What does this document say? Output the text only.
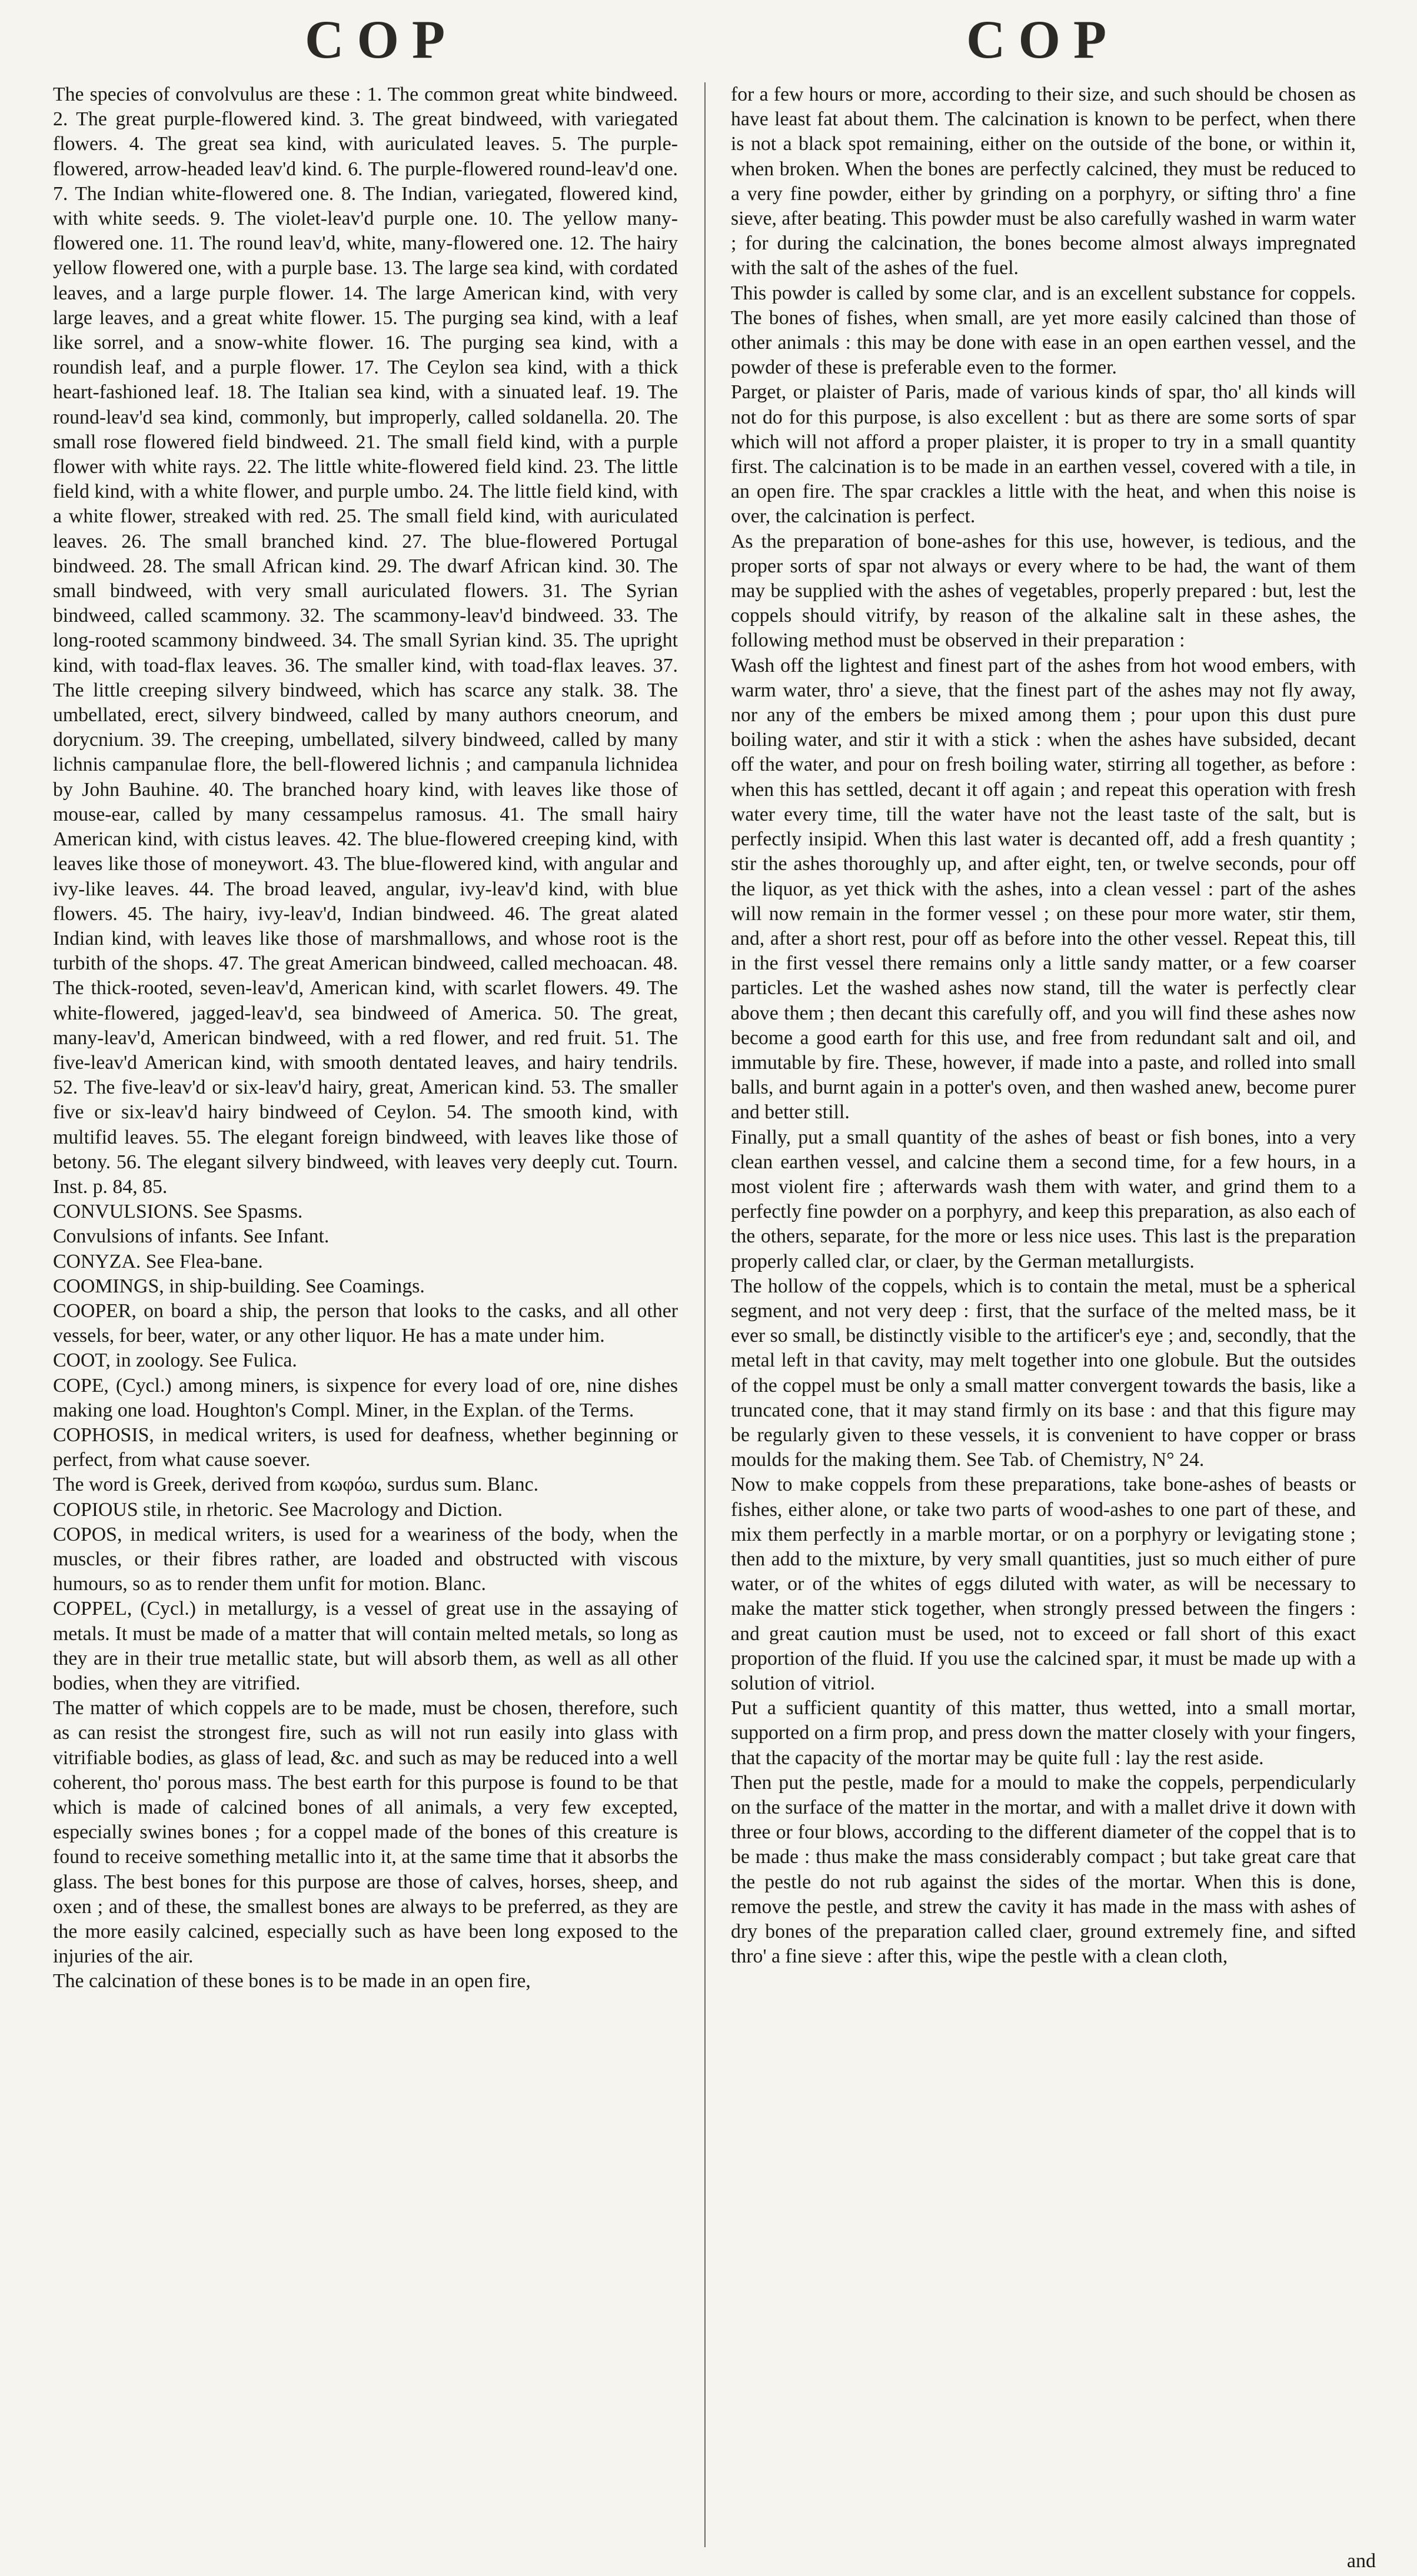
COP	COP

The species of convolvulus are these : 1. The common great white bindweed. 2. The great purple-flowered kind. 3. The great bindweed, with variegated flowers. 4. The great sea kind, with auriculated leaves. 5. The purple-flowered, arrow-headed leav'd kind. 6. The purple-flowered round-leav'd one. 7. The Indian white-flowered one. 8. The Indian, variegated, flowered kind, with white seeds. 9. The violet-leav'd purple one. 10. The yellow many-flowered one. 11. The round leav'd, white, many-flowered one. 12. The hairy yellow flowered one, with a purple base. 13. The large sea kind, with cordated leaves, and a large purple flower. 14. The large American kind, with very large leaves, and a great white flower. 15. The purging sea kind, with a leaf like sorrel, and a snow-white flower. 16. The purging sea kind, with a roundish leaf, and a purple flower. 17. The Ceylon sea kind, with a thick heart-fashioned leaf. 18. The Italian sea kind, with a sinuated leaf. 19. The round-leav'd sea kind, commonly, but improperly, called soldanella. 20. The small rose flowered field bindweed. 21. The small field kind, with a purple flower with white rays. 22. The little white-flowered field kind. 23. The little field kind, with a white flower, and purple umbo. 24. The little field kind, with a white flower, streaked with red. 25. The small field kind, with auriculated leaves. 26. The small branched kind. 27. The blue-flowered Portugal bindweed. 28. The small African kind. 29. The dwarf African kind. 30. The small bindweed, with very small auriculated flowers. 31. The Syrian bindweed, called scammony. 32. The scammony-leav'd bindweed. 33. The long-rooted scammony bindweed. 34. The small Syrian kind. 35. The upright kind, with toad-flax leaves. 36. The smaller kind, with toad-flax leaves. 37. The little creeping silvery bindweed, which has scarce any stalk. 38. The umbellated, erect, silvery bindweed, called by many authors cneorum, and dorycnium. 39. The creeping, umbellated, silvery bindweed, called by many lichnis campanulae flore, the bell-flowered lichnis ; and campanula lichnidea by John Bauhine. 40. The branched hoary kind, with leaves like those of mouse-ear, called by many cessampelus ramosus. 41. The small hairy American kind, with cistus leaves. 42. The blue-flowered creeping kind, with leaves like those of moneywort. 43. The blue-flowered kind, with angular and ivy-like leaves. 44. The broad leaved, angular, ivy-leav'd kind, with blue flowers. 45. The hairy, ivy-leav'd, Indian bindweed. 46. The great alated Indian kind, with leaves like those of marshmallows, and whose root is the turbith of the shops. 47. The great American bindweed, called mechoacan. 48. The thick-rooted, seven-leav'd, American kind, with scarlet flowers. 49. The white-flowered, jagged-leav'd, sea bindweed of America. 50. The great, many-leav'd, American bindweed, with a red flower, and red fruit. 51. The five-leav'd American kind, with smooth dentated leaves, and hairy tendrils. 52. The five-leav'd or six-leav'd hairy, great, American kind. 53. The smaller five or six-leav'd hairy bindweed of Ceylon. 54. The smooth kind, with multifid leaves. 55. The elegant foreign bindweed, with leaves like those of betony. 56. The elegant silvery bindweed, with leaves very deeply cut. Tourn. Inst. p. 84, 85.

CONVULSIONS. See Spasms.

Convulsions of infants. See Infant.

CONYZA. See Flea-bane.

COOMINGS, in ship-building. See Coamings.

COOPER, on board a ship, the person that looks to the casks, and all other vessels, for beer, water, or any other liquor. He has a mate under him.

COOT, in zoology. See Fulica.

COPE, (Cycl.) among miners, is sixpence for every load of ore, nine dishes making one load. Houghton's Compl. Miner, in the Explan. of the Terms.

COPHOSIS, in medical writers, is used for deafness, whether beginning or perfect, from what cause soever.

The word is Greek, derived from κωφόω, surdus sum. Blanc.

COPIOUS stile, in rhetoric. See Macrology and Diction.

COPOS, in medical writers, is used for a weariness of the body, when the muscles, or their fibres rather, are loaded and obstructed with viscous humours, so as to render them unfit for motion. Blanc.

COPPEL, (Cycl.) in metallurgy, is a vessel of great use in the assaying of metals. It must be made of a matter that will contain melted metals, so long as they are in their true metallic state, but will absorb them, as well as all other bodies, when they are vitrified.

The matter of which coppels are to be made, must be chosen, therefore, such as can resist the strongest fire, such as will not run easily into glass with vitrifiable bodies, as glass of lead, &c. and such as may be reduced into a well coherent, tho' porous mass. The best earth for this purpose is found to be that which is made of calcined bones of all animals, a very few excepted, especially swines bones ; for a coppel made of the bones of this creature is found to receive something metallic into it, at the same time that it absorbs the glass. The best bones for this purpose are those of calves, horses, sheep, and oxen ; and of these, the smallest bones are always to be preferred, as they are the more easily calcined, especially such as have been long exposed to the injuries of the air.

The calcination of these bones is to be made in an open fire,

for a few hours or more, according to their size, and such should be chosen as have least fat about them. The calcination is known to be perfect, when there is not a black spot remaining, either on the outside of the bone, or within it, when broken. When the bones are perfectly calcined, they must be reduced to a very fine powder, either by grinding on a porphyry, or sifting thro' a fine sieve, after beating. This powder must be also carefully washed in warm water ; for during the calcination, the bones become almost always impregnated with the salt of the ashes of the fuel.

This powder is called by some clar, and is an excellent substance for coppels. The bones of fishes, when small, are yet more easily calcined than those of other animals : this may be done with ease in an open earthen vessel, and the powder of these is preferable even to the former.

Parget, or plaister of Paris, made of various kinds of spar, tho' all kinds will not do for this purpose, is also excellent : but as there are some sorts of spar which will not afford a proper plaister, it is proper to try in a small quantity first. The calcination is to be made in an earthen vessel, covered with a tile, in an open fire. The spar crackles a little with the heat, and when this noise is over, the calcination is perfect.

As the preparation of bone-ashes for this use, however, is tedious, and the proper sorts of spar not always or every where to be had, the want of them may be supplied with the ashes of vegetables, properly prepared : but, lest the coppels should vitrify, by reason of the alkaline salt in these ashes, the following method must be observed in their preparation :

Wash off the lightest and finest part of the ashes from hot wood embers, with warm water, thro' a sieve, that the finest part of the ashes may not fly away, nor any of the embers be mixed among them ; pour upon this dust pure boiling water, and stir it with a stick : when the ashes have subsided, decant off the water, and pour on fresh boiling water, stirring all together, as before : when this has settled, decant it off again ; and repeat this operation with fresh water every time, till the water have not the least taste of the salt, but is perfectly insipid. When this last water is decanted off, add a fresh quantity ; stir the ashes thoroughly up, and after eight, ten, or twelve seconds, pour off the liquor, as yet thick with the ashes, into a clean vessel : part of the ashes will now remain in the former vessel ; on these pour more water, stir them, and, after a short rest, pour off as before into the other vessel. Repeat this, till in the first vessel there remains only a little sandy matter, or a few coarser particles. Let the washed ashes now stand, till the water is perfectly clear above them ; then decant this carefully off, and you will find these ashes now become a good earth for this use, and free from redundant salt and oil, and immutable by fire. These, however, if made into a paste, and rolled into small balls, and burnt again in a potter's oven, and then washed anew, become purer and better still.

Finally, put a small quantity of the ashes of beast or fish bones, into a very clean earthen vessel, and calcine them a second time, for a few hours, in a most violent fire ; afterwards wash them with water, and grind them to a perfectly fine powder on a porphyry, and keep this preparation, as also each of the others, separate, for the more or less nice uses. This last is the preparation properly called clar, or claer, by the German metallurgists.

The hollow of the coppels, which is to contain the metal, must be a spherical segment, and not very deep : first, that the surface of the melted mass, be it ever so small, be distinctly visible to the artificer's eye ; and, secondly, that the metal left in that cavity, may melt together into one globule. But the outsides of the coppel must be only a small matter convergent towards the basis, like a truncated cone, that it may stand firmly on its base : and that this figure may be regularly given to these vessels, it is convenient to have copper or brass moulds for the making them. See Tab. of Chemistry, N° 24.

Now to make coppels from these preparations, take bone-ashes of beasts or fishes, either alone, or take two parts of wood-ashes to one part of these, and mix them perfectly in a marble mortar, or on a porphyry or levigating stone ; then add to the mixture, by very small quantities, just so much either of pure water, or of the whites of eggs diluted with water, as will be necessary to make the matter stick together, when strongly pressed between the fingers : and great caution must be used, not to exceed or fall short of this exact proportion of the fluid. If you use the calcined spar, it must be made up with a solution of vitriol.

Put a sufficient quantity of this matter, thus wetted, into a small mortar, supported on a firm prop, and press down the matter closely with your fingers, that the capacity of the mortar may be quite full : lay the rest aside.

Then put the pestle, made for a mould to make the coppels, perpendicularly on the surface of the matter in the mortar, and with a mallet drive it down with three or four blows, according to the different diameter of the coppel that is to be made : thus make the mass considerably compact ; but take great care that the pestle do not rub against the sides of the mortar. When this is done, remove the pestle, and strew the cavity it has made in the mass with ashes of dry bones of the preparation called claer, ground extremely fine, and sifted thro' a fine sieve : after this, wipe the pestle with a clean cloth,

and
